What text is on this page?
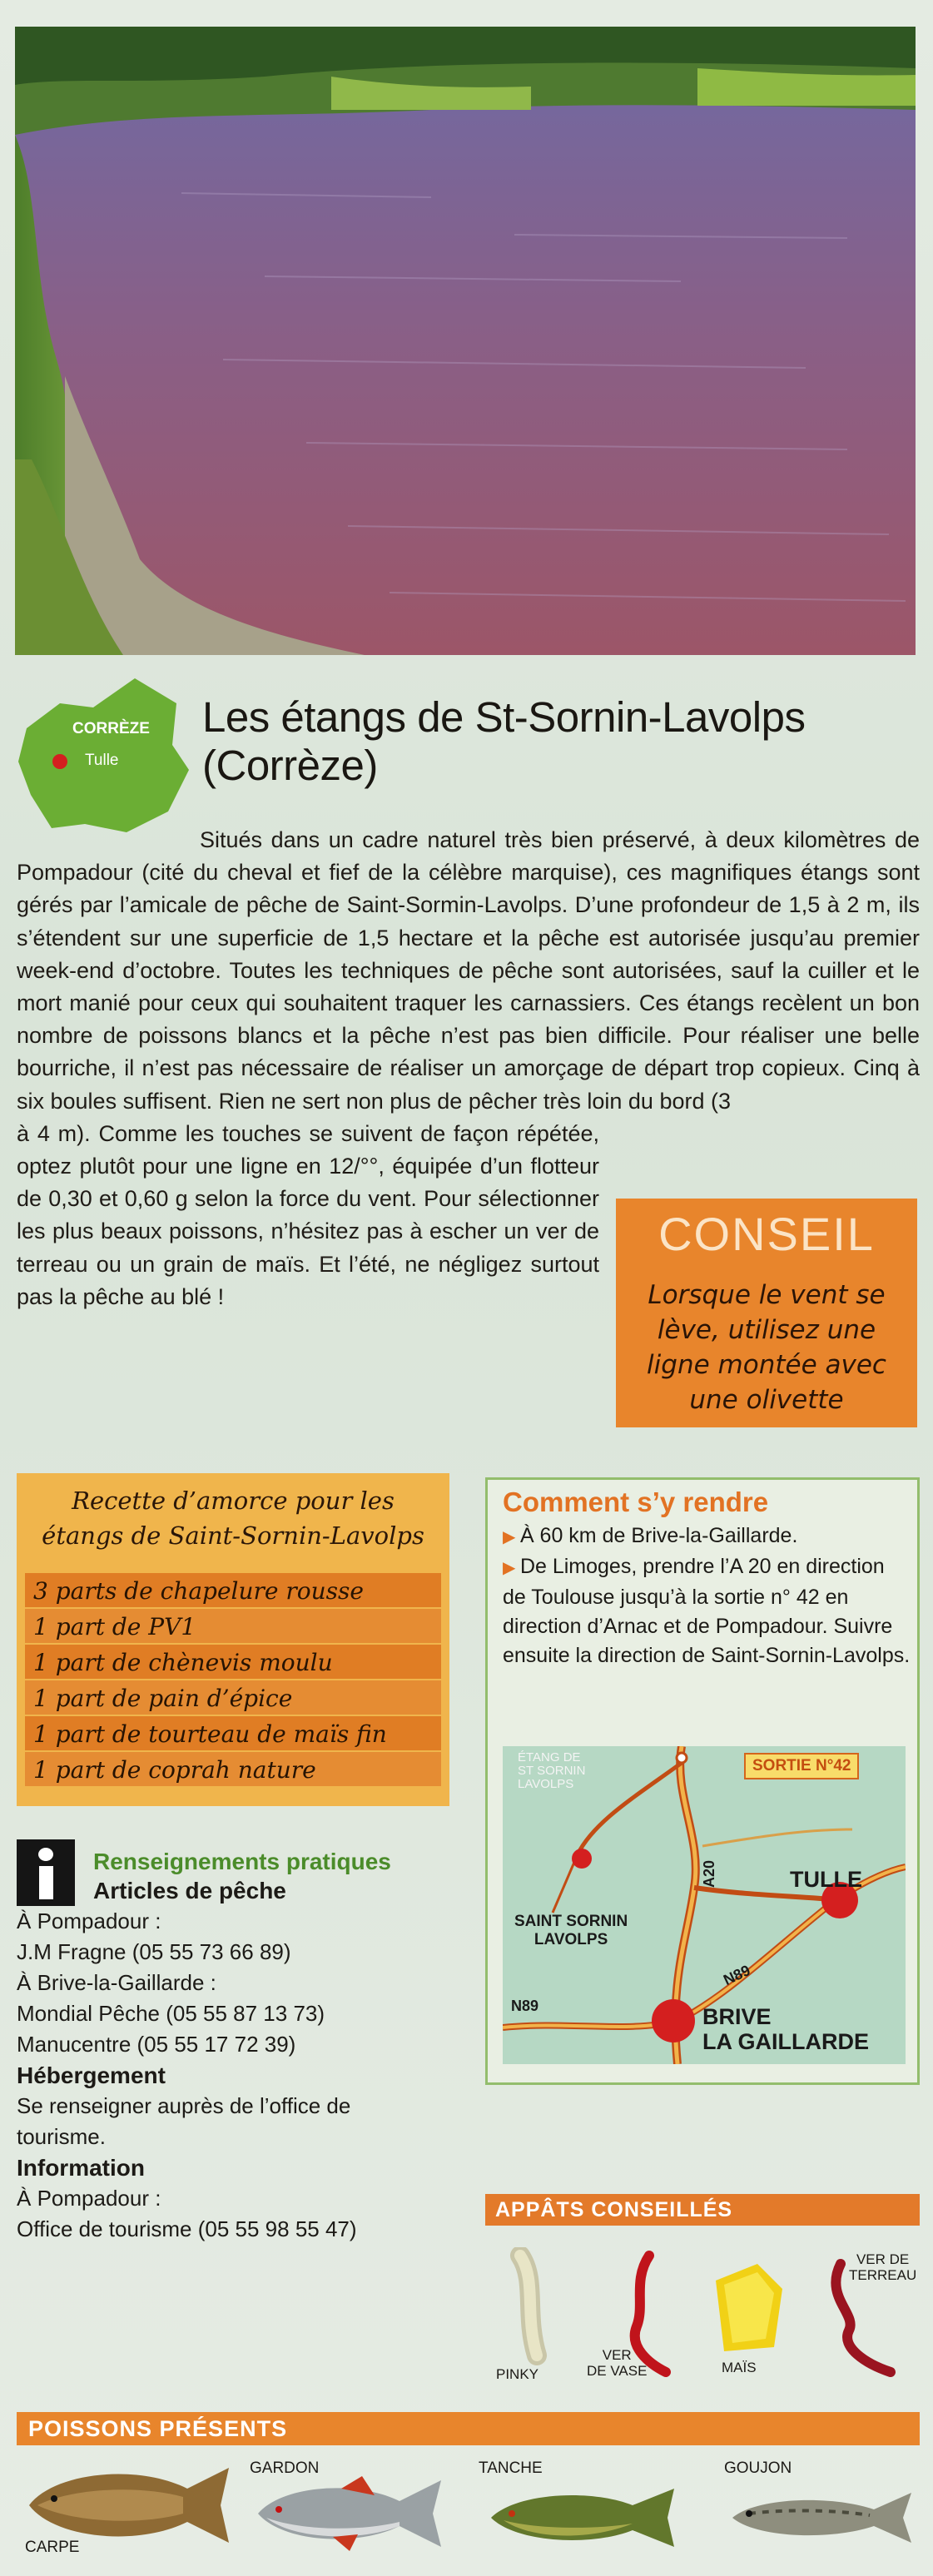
CORRÈZE
Tulle
Les étangs de St-Sornin-Lavolps
(Corrèze)

Situés dans un cadre naturel très bien préservé, à deux kilomètres de Pompadour (cité du cheval et fief de la célèbre marquise), ces magnifiques étangs sont gérés par l’amicale de pêche de Saint-Sormin-Lavolps. D’une profondeur de 1,5 à 2 m, ils s’étendent sur une superficie de 1,5 hectare et la pêche est autorisée jusqu’au premier week-end d’octobre. Toutes les techniques de pêche sont autorisées, sauf la cuiller et le mort manié pour ceux qui souhaitent traquer les carnassiers. Ces étangs recèlent un bon nombre de poissons blancs et la pêche n’est pas bien difficile. Pour réaliser une belle bourriche, il n’est pas nécessaire de réaliser un amorçage de départ trop copieux. Cinq à six boules suffisent. Rien ne sert non plus de pêcher très loin du bord (3

à 4 m). Comme les touches se suivent de façon répétée, optez plutôt pour une ligne en 12/°°, équipée d’un flotteur de 0,30 et 0,60 g selon la force du vent. Pour sélectionner les plus beaux poissons, n’hésitez pas à escher un ver de terreau ou un grain de maïs. Et l’été, ne négligez surtout pas la pêche au blé !

CONSEIL
Lorsque le vent se lève, utilisez une ligne montée avec une olivette
Recette d’amorce pour les
étangs de Saint-Sornin-Lavolps
3 parts de chapelure rousse
1 part de PV1
1 part de chènevis moulu
1 part de pain d’épice
1 part de tourteau de maïs fin
1 part de coprah nature
Comment s’y rendre

▶ À 60 km de Brive-la-Gaillarde.

▶ De Limoges, prendre l’A 20 en direction de Toulouse jusqu’à la sortie n° 42 en direction d’Arnac et de Pompadour. Suivre ensuite la direction de Saint-Sornin-Lavolps.

SORTIE N°42
ÉTANG DE
ST SORNIN
LAVOLPS
SAINT SORNIN
LAVOLPS
A20	TULLE
N89
N89
BRIVE
LA GAILLARDE
Renseignements pratiques
Articles de pêche
À Pompadour :
J.M Fragne (05 55 73 66 89)
À Brive-la-Gaillarde :
Mondial Pêche (05 55 87 13 73)
Manucentre (05 55 17 72 39)
Hébergement
Se renseigner auprès de l’office de tourisme.
Information
À Pompadour :
Office de tourisme (05 55 98 55 47)
APPÂTS CONSEILLÉS
PINKY
VER
DE VASE	MAÏS
VER DE
TERREAU
POISSONS PRÉSENTS
CARPE
GARDON	TANCHE	GOUJON
